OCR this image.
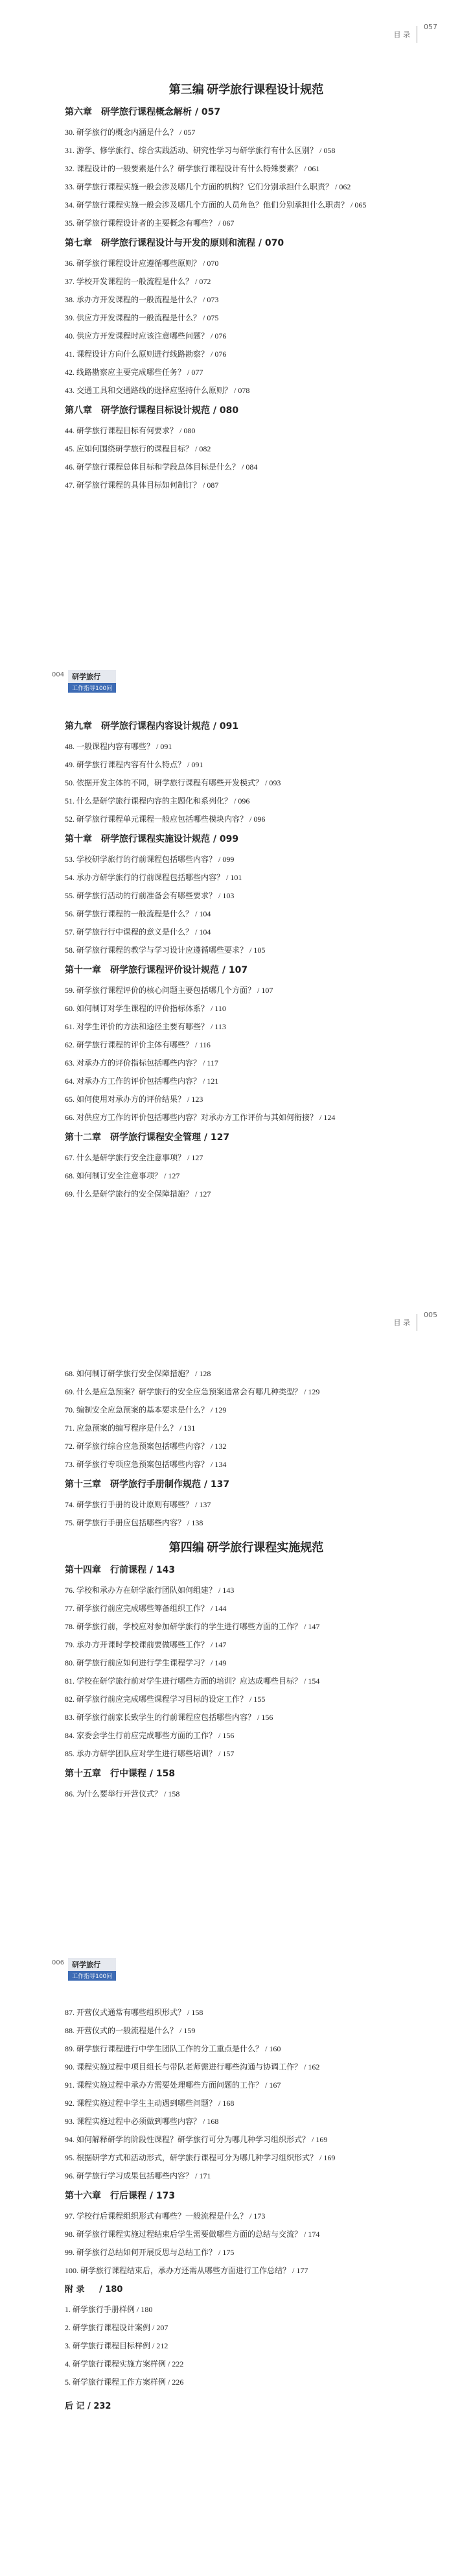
目 录
057
第三编 研学旅行课程设计规范
第六章 研学旅行课程概念解析 / 057
30. 研学旅行的概念内涵是什么？ / 057
31. 游学、修学旅行、综合实践活动、研究性学习与研学旅行有什么区别？ / 058
32. 课程设计的一般要素是什么？研学旅行课程设计有什么特殊要素？ / 061
33. 研学旅行课程实施一般会涉及哪几个方面的机构？它们分别承担什么职责？ / 062
34. 研学旅行课程实施一般会涉及哪几个方面的人员角色？他们分别承担什么职责？ / 065
35. 研学旅行课程设计者的主要概念有哪些？ / 067
第七章 研学旅行课程设计与开发的原则和流程 / 070
36. 研学旅行课程设计应遵循哪些原则？ / 070
37. 学校开发课程的一般流程是什么？ / 072
38. 承办方开发课程的一般流程是什么？ / 073
39. 供应方开发课程的一般流程是什么？ / 075
40. 供应方开发课程时应该注意哪些问题？ / 076
41. 课程设计方向什么原则进行线路勘察？ / 076
42. 线路勘察应主要完成哪些任务？ / 077
43. 交通工具和交通路线的选择应坚持什么原则？ / 078
第八章 研学旅行课程目标设计规范 / 080
44. 研学旅行课程目标有何要求？ / 080
45. 应如何围绕研学旅行的课程目标？ / 082
46. 研学旅行课程总体目标和学段总体目标是什么？ / 084
47. 研学旅行课程的具体目标如何制订？ / 087
004	研学旅行
工作指导100问
第九章 研学旅行课程内容设计规范 / 091
48. 一般课程内容有哪些？ / 091
49. 研学旅行课程内容有什么特点？ / 091
50. 依据开发主体的不同，研学旅行课程有哪些开发模式？ / 093
51. 什么是研学旅行课程内容的主题化和系列化？ / 096
52. 研学旅行课程单元课程一般应包括哪些模块内容？ / 096
第十章 研学旅行课程实施设计规范 / 099
53. 学校研学旅行的行前课程包括哪些内容？ / 099
54. 承办方研学旅行的行前课程包括哪些内容？ / 101
55. 研学旅行活动的行前准备会有哪些要求？ / 103
56. 研学旅行课程的一般流程是什么？ / 104
57. 研学旅行行中课程的意义是什么？ / 104
58. 研学旅行课程的教学与学习设计应遵循哪些要求？ / 105
第十一章 研学旅行课程评价设计规范 / 107
59. 研学旅行课程评价的核心问题主要包括哪几个方面？ / 107
60. 如何制订对学生课程的评价指标体系？ / 110
61. 对学生评价的方法和途径主要有哪些？ / 113
62. 研学旅行课程的评价主体有哪些？ / 116
63. 对承办方的评价指标包括哪些内容？ / 117
64. 对承办方工作的评价包括哪些内容？ / 121
65. 如何使用对承办方的评价结果？ / 123
66. 对供应方工作的评价包括哪些内容？对承办方工作评价与其如何衔接？ / 124
第十二章 研学旅行课程安全管理 / 127
67. 什么是研学旅行安全注意事项？ / 127
68. 如何制订安全注意事项？ / 127
69. 什么是研学旅行的安全保障措施？ / 127
目 录
005
68. 如何制订研学旅行安全保障措施？ / 128
69. 什么是应急预案？研学旅行的安全应急预案通常会有哪几种类型？ / 129
70. 编制安全应急预案的基本要求是什么？ / 129
71. 应急预案的编写程序是什么？ / 131
72. 研学旅行综合应急预案包括哪些内容？ / 132
73. 研学旅行专项应急预案包括哪些内容？ / 134
第十三章 研学旅行手册制作规范 / 137
74. 研学旅行手册的设计原则有哪些？ / 137
75. 研学旅行手册应包括哪些内容？ / 138
第四编 研学旅行课程实施规范
第十四章 行前课程 / 143
76. 学校和承办方在研学旅行团队如何组建？ / 143
77. 研学旅行前应完成哪些筹备组织工作？ / 144
78. 研学旅行前，学校应对参加研学旅行的学生进行哪些方面的工作？ / 147
79. 承办方开课时学校课前要做哪些工作？ / 147
80. 研学旅行前应如何进行学生课程学习？ / 149
81. 学校在研学旅行前对学生进行哪些方面的培训？应达成哪些目标？ / 154
82. 研学旅行前应完成哪些课程学习目标的设定工作？ / 155
83. 研学旅行前家长致学生的行前课程应包括哪些内容？ / 156
84. 家委会学生行前应完成哪些方面的工作？ / 156
85. 承办方研学团队应对学生进行哪些培训？ / 157
第十五章 行中课程 / 158
86. 为什么要举行开营仪式？ / 158
006	研学旅行
工作指导100问
87. 开营仪式通常有哪些组织形式？ / 158
88. 开营仪式的一般流程是什么？ / 159
89. 研学旅行课程进行中学生团队工作的分工重点是什么？ / 160
90. 课程实施过程中项目组长与带队老师需进行哪些沟通与协调工作？ / 162
91. 课程实施过程中承办方需要处理哪些方面问题的工作？ / 167
92. 课程实施过程中学生主动遇到哪些问题？ / 168
93. 课程实施过程中必须做到哪些内容？ / 168
94. 如何解释研学的阶段性课程？研学旅行可分为哪几种学习组织形式？ / 169
95. 根据研学方式和活动形式，研学旅行课程可分为哪几种学习组织形式？ / 169
96. 研学旅行学习成果包括哪些内容？ / 171
第十六章 行后课程 / 173
97. 学校行后课程组织形式有哪些？一般流程是什么？ / 173
98. 研学旅行课程实施过程结束后学生需要做哪些方面的总结与交流？ / 174
99. 研学旅行总结如何开展反思与总结工作？ / 175
100. 研学旅行课程结束后，承办方还需从哪些方面进行工作总结？ / 177
附 录 / 180
1. 研学旅行手册样例 / 180
2. 研学旅行课程设计案例 / 207
3. 研学旅行课程目标样例 / 212
4. 研学旅行课程实施方案样例 / 222
5. 研学旅行课程工作方案样例 / 226
后 记 / 232
